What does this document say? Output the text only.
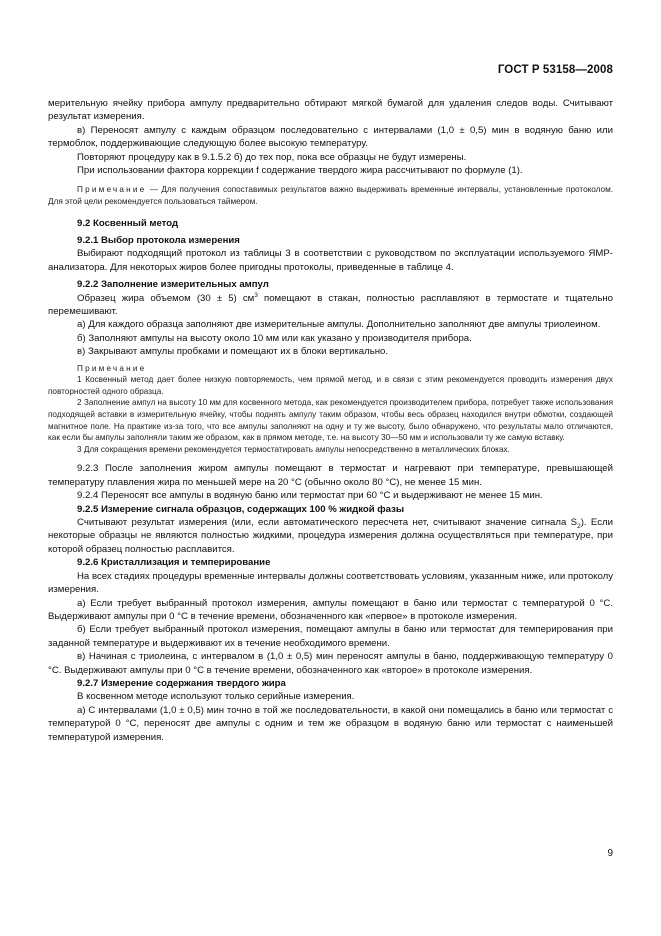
ГОСТ Р 53158—2008

мерительную ячейку прибора ампулу предварительно обтирают мягкой бумагой для удаления следов воды. Считывают результат измерения.

в) Переносят ампулу с каждым образцом последовательно с интервалами (1,0 ± 0,5) мин в водяную баню или термоблок, поддерживающие следующую более высокую температуру.

Повторяют процедуру как в 9.1.5.2 б) до тех пор, пока все образцы не будут измерены.

При использовании фактора коррекции f содержание твердого жира рассчитывают по формуле (1).

Примечание — Для получения сопоставимых результатов важно выдерживать временные интервалы, установленные протоколом. Для этой цели рекомендуется пользоваться таймером.

9.2 Косвенный метод
9.2.1 Выбор протокола измерения

Выбирают подходящий протокол из таблицы 3 в соответствии с руководством по эксплуатации используемого ЯМР-анализатора. Для некоторых жиров более пригодны протоколы, приведенные в таблице 4.

9.2.2 Заполнение измерительных ампул

Образец жира объемом (30 ± 5) $см^3$ помещают в стакан, полностью расплавляют в термостате и тщательно перемешивают.

а) Для каждого образца заполняют две измерительные ампулы. Дополнительно заполняют две ампулы триолеином.

б) Заполняют ампулы на высоту около 10 мм или как указано у производителя прибора.

в) Закрывают ампулы пробками и помещают их в блоки вертикально.

Примечание

1 Косвенный метод дает более низкую повторяемость, чем прямой метод, и в связи с этим рекомендуется проводить измерения двух повторностей одного образца.

2 Заполнение ампул на высоту 10 мм для косвенного метода, как рекомендуется производителем прибора, потребует также использования подходящей вставки в измерительную ячейку, чтобы поднять ампулу таким образом, чтобы весь образец находился внутри обмотки, создающей магнитное поле. На практике из-за того, что все ампулы заполняют на одну и ту же высоту, было обнаружено, что результаты мало отличаются, как если бы ампулы заполняли таким же образом, как в прямом методе, т.е. на высоту 30—50 мм и использовали ту же самую вставку.

3 Для сокращения времени рекомендуется термостатировать ампулы непосредственно в металлических блоках.

9.2.3 После заполнения жиром ампулы помещают в термостат и нагревают при температуре, превышающей температуру плавления жира по меньшей мере на 20 °С (обычно около 80 °С), не менее 15 мин.

9.2.4 Переносят все ампулы в водяную баню или термостат при 60 °С и выдерживают не менее 15 мин.

9.2.5 Измерение сигнала образцов, содержащих 100 % жидкой фазы

Считывают результат измерения (или, если автоматического пересчета нет, считывают значение сигнала $S_2$). Если некоторые образцы не являются полностью жидкими, процедура измерения должна осуществляться при температуре, при которой образец полностью расплавится.

9.2.6 Кристаллизация и темперирование

На всех стадиях процедуры временные интервалы должны соответствовать условиям, указанным ниже, или протоколу измерения.

а) Если требует выбранный протокол измерения, ампулы помещают в баню или термостат с температурой 0 °С. Выдерживают ампулы при 0 °С в течение времени, обозначенного как «первое» в протоколе измерения.

б) Если требует выбранный протокол измерения, помещают ампулы в баню или термостат для темперирования при заданной температуре и выдерживают их в течение необходимого времени.

в) Начиная с триолеина, с интервалом в (1,0 ± 0,5) мин переносят ампулы в баню, поддерживающую температуру 0 °С. Выдерживают ампулы при 0 °С в течение времени, обозначенного как «второе» в протоколе измерения.

9.2.7 Измерение содержания твердого жира

В косвенном методе используют только серийные измерения.

а) С интервалами (1,0 ± 0,5) мин точно в той же последовательности, в какой они помещались в баню или термостат с температурой 0 °С, переносят две ампулы с одним и тем же образцом в водяную баню или термостат с наименьшей температурой измерения.

9
